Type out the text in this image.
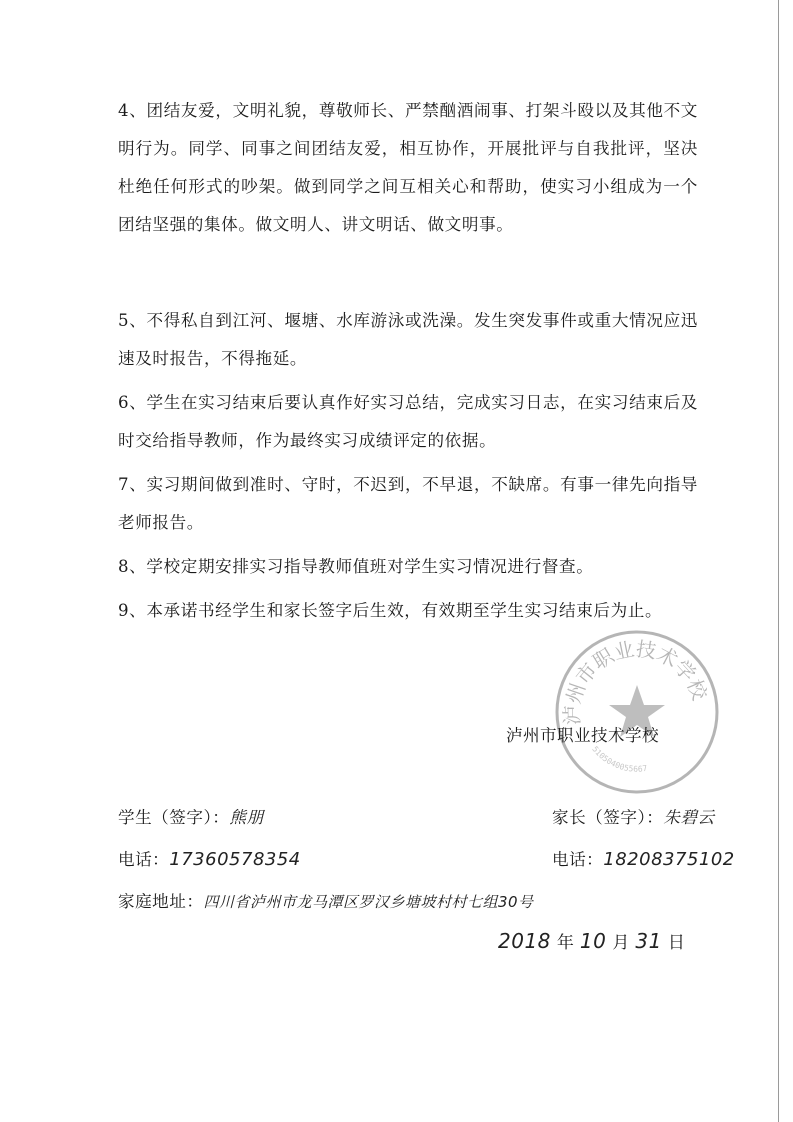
4、团结友爱，文明礼貌，尊敬师长、严禁酗酒闹事、打架斗殴以及其他不文明行为。同学、同事之间团结友爱，相互协作，开展批评与自我批评，坚决杜绝任何形式的吵架。做到同学之间互相关心和帮助，使实习小组成为一个团结坚强的集体。做文明人、讲文明话、做文明事。
5、不得私自到江河、堰塘、水库游泳或洗澡。发生突发事件或重大情况应迅速及时报告，不得拖延。
6、学生在实习结束后要认真作好实习总结，完成实习日志，在实习结束后及时交给指导教师，作为最终实习成绩评定的依据。
7、实习期间做到准时、守时，不迟到，不早退，不缺席。有事一律先向指导老师报告。
8、学校定期安排实习指导教师值班对学生实习情况进行督查。
9、本承诺书经学生和家长签字后生效，有效期至学生实习结束后为止。
泸州市职业技术学校
5105040055667
泸州市职业技术学校
学生（签字）：熊朋	家长（签字）：朱碧云
电话：17360578354	电话：18208375102
家庭地址：四川省泸州市龙马潭区罗汉乡塘坡村村七组30号
2018 年 10 月 31 日
